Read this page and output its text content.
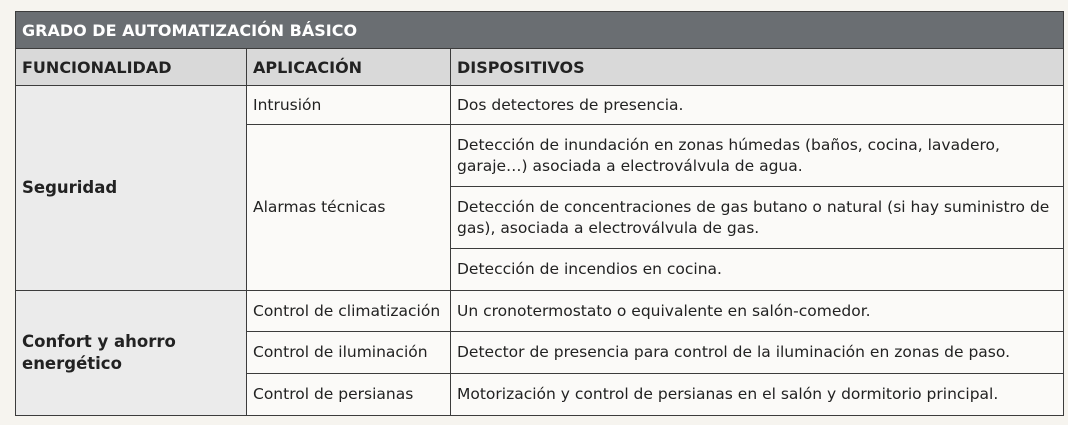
GRADO DE AUTOMATIZACIÓN BÁSICO		
FUNCIONALIDAD	APLICACIÓN	DISPOSITIVOS
Seguridad	Intrusión	Dos detectores de presencia.
	Alarmas técnicas	Detección de inundación en zonas húmedas (baños, cocina, lavadero, garaje…) asociada a electroválvula de agua.
		Detección de concentraciones de gas butano o natural (si hay suministro de gas), asociada a electroválvula de gas.
		Detección de incendios en cocina.
Confort y ahorro energético	Control de climatización	Un cronotermostato o equivalente en salón-comedor.
	Control de iluminación	Detector de presencia para control de la iluminación en zonas de paso.
	Control de persianas	Motorización y control de persianas en el salón y dormitorio principal.
